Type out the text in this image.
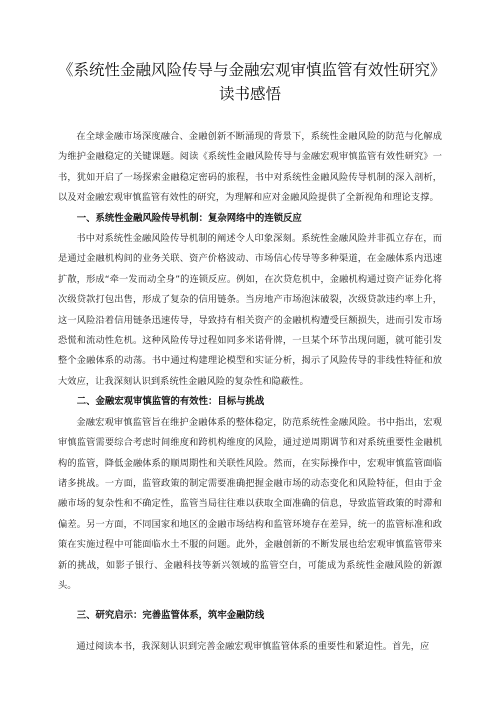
《系统性金融风险传导与金融宏观审慎监管有效性研究》
读书感悟

在全球金融市场深度融合、金融创新不断涌现的背景下，系统性金融风险的防范与化解成为维护金融稳定的关键课题。阅读《系统性金融风险传导与金融宏观审慎监管有效性研究》一书，犹如开启了一场探索金融稳定密码的旅程，书中对系统性金融风险传导机制的深入剖析，以及对金融宏观审慎监管有效性的研究，为理解和应对金融风险提供了全新视角和理论支撑。

一、系统性金融风险传导机制：复杂网络中的连锁反应

书中对系统性金融风险传导机制的阐述令人印象深刻。系统性金融风险并非孤立存在，而是通过金融机构间的业务关联、资产价格波动、市场信心传导等多种渠道，在金融体系内迅速扩散，形成“牵一发而动全身”的连锁反应。例如，在次贷危机中，金融机构通过资产证券化将次级贷款打包出售，形成了复杂的信用链条。当房地产市场泡沫破裂，次级贷款违约率上升，这一风险沿着信用链条迅速传导，导致持有相关资产的金融机构遭受巨额损失，进而引发市场恐慌和流动性危机。这种风险传导过程如同多米诺骨牌，一旦某个环节出现问题，就可能引发整个金融体系的动荡。书中通过构建理论模型和实证分析，揭示了风险传导的非线性特征和放大效应，让我深刻认识到系统性金融风险的复杂性和隐蔽性。

二、金融宏观审慎监管的有效性：目标与挑战

金融宏观审慎监管旨在维护金融体系的整体稳定，防范系统性金融风险。书中指出，宏观审慎监管需要综合考虑时间维度和跨机构维度的风险，通过逆周期调节和对系统重要性金融机构的监管，降低金融体系的顺周期性和关联性风险。然而，在实际操作中，宏观审慎监管面临诸多挑战。一方面，监管政策的制定需要准确把握金融市场的动态变化和风险特征，但由于金融市场的复杂性和不确定性，监管当局往往难以获取全面准确的信息，导致监管政策的时滞和偏差。另一方面，不同国家和地区的金融市场结构和监管环境存在差异，统一的监管标准和政策在实施过程中可能面临水土不服的问题。此外，金融创新的不断发展也给宏观审慎监管带来新的挑战，如影子银行、金融科技等新兴领域的监管空白，可能成为系统性金融风险的新源头。

三、研究启示：完善监管体系，筑牢金融防线

通过阅读本书，我深刻认识到完善金融宏观审慎监管体系的重要性和紧迫性。首先，应
